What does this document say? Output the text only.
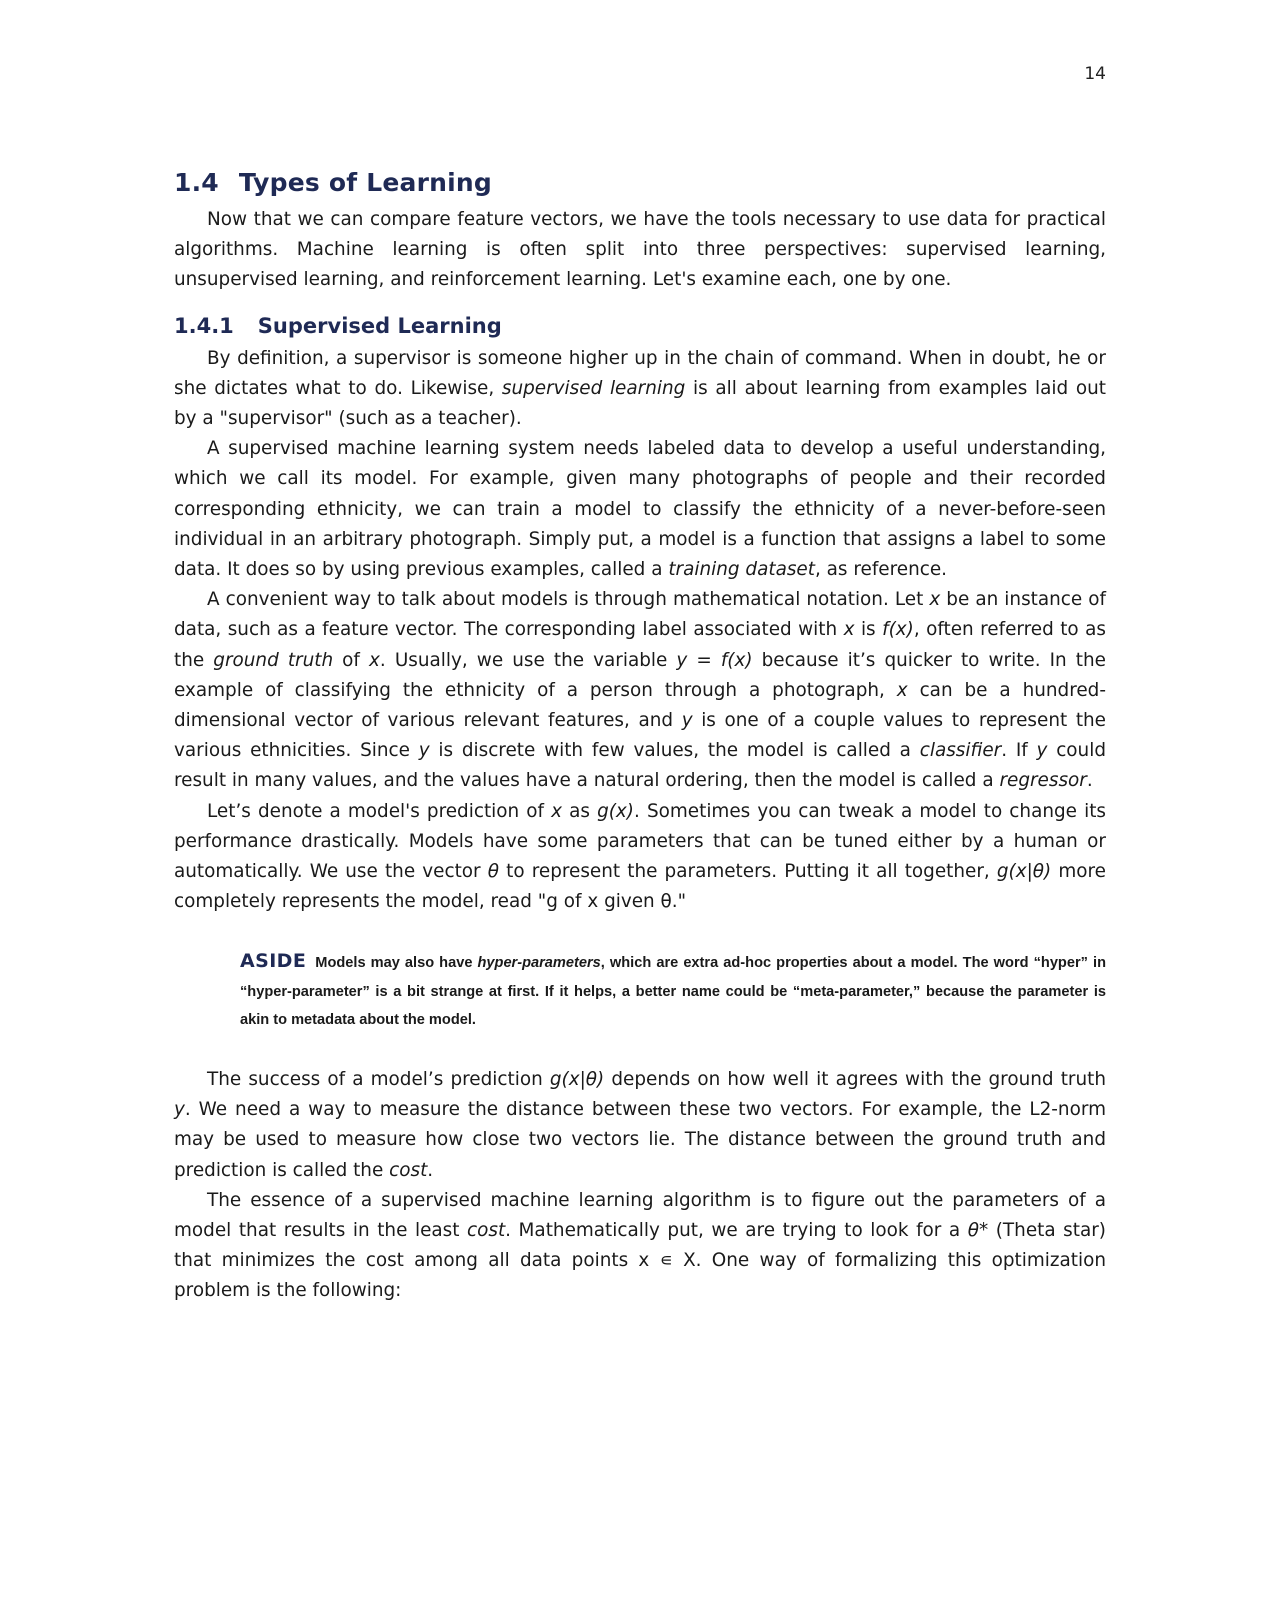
14
1.4 Types of Learning

Now that we can compare feature vectors, we have the tools necessary to use data for practical algorithms. Machine learning is often split into three perspectives: supervised learning, unsupervised learning, and reinforcement learning. Let's examine each, one by one.

1.4.1 Supervised Learning

By definition, a supervisor is someone higher up in the chain of command. When in doubt, he or she dictates what to do. Likewise, supervised learning is all about learning from examples laid out by a "supervisor" (such as a teacher).

A supervised machine learning system needs labeled data to develop a useful understanding, which we call its model. For example, given many photographs of people and their recorded corresponding ethnicity, we can train a model to classify the ethnicity of a never-before-seen individual in an arbitrary photograph. Simply put, a model is a function that assigns a label to some data. It does so by using previous examples, called a training dataset, as reference.

A convenient way to talk about models is through mathematical notation. Let x be an instance of data, such as a feature vector. The corresponding label associated with x is f(x), often referred to as the ground truth of x. Usually, we use the variable y = f(x) because it’s quicker to write. In the example of classifying the ethnicity of a person through a photograph, x can be a hundred-dimensional vector of various relevant features, and y is one of a couple values to represent the various ethnicities. Since y is discrete with few values, the model is called a classifier. If y could result in many values, and the values have a natural ordering, then the model is called a regressor.

Let’s denote a model's prediction of x as g(x). Sometimes you can tweak a model to change its performance drastically. Models have some parameters that can be tuned either by a human or automatically. We use the vector θ to represent the parameters. Putting it all together, g(x|θ) more completely represents the model, read "g of x given θ."

ASIDE Models may also have hyper-parameters, which are extra ad-hoc properties about a model. The word “hyper” in “hyper-parameter” is a bit strange at first. If it helps, a better name could be “meta-parameter,” because the parameter is akin to metadata about the model.

The success of a model’s prediction g(x|θ) depends on how well it agrees with the ground truth y. We need a way to measure the distance between these two vectors. For example, the L2-norm may be used to measure how close two vectors lie. The distance between the ground truth and prediction is called the cost.

The essence of a supervised machine learning algorithm is to figure out the parameters of a model that results in the least cost. Mathematically put, we are trying to look for a θ* (Theta star) that minimizes the cost among all data points x ∊ X. One way of formalizing this optimization problem is the following:
